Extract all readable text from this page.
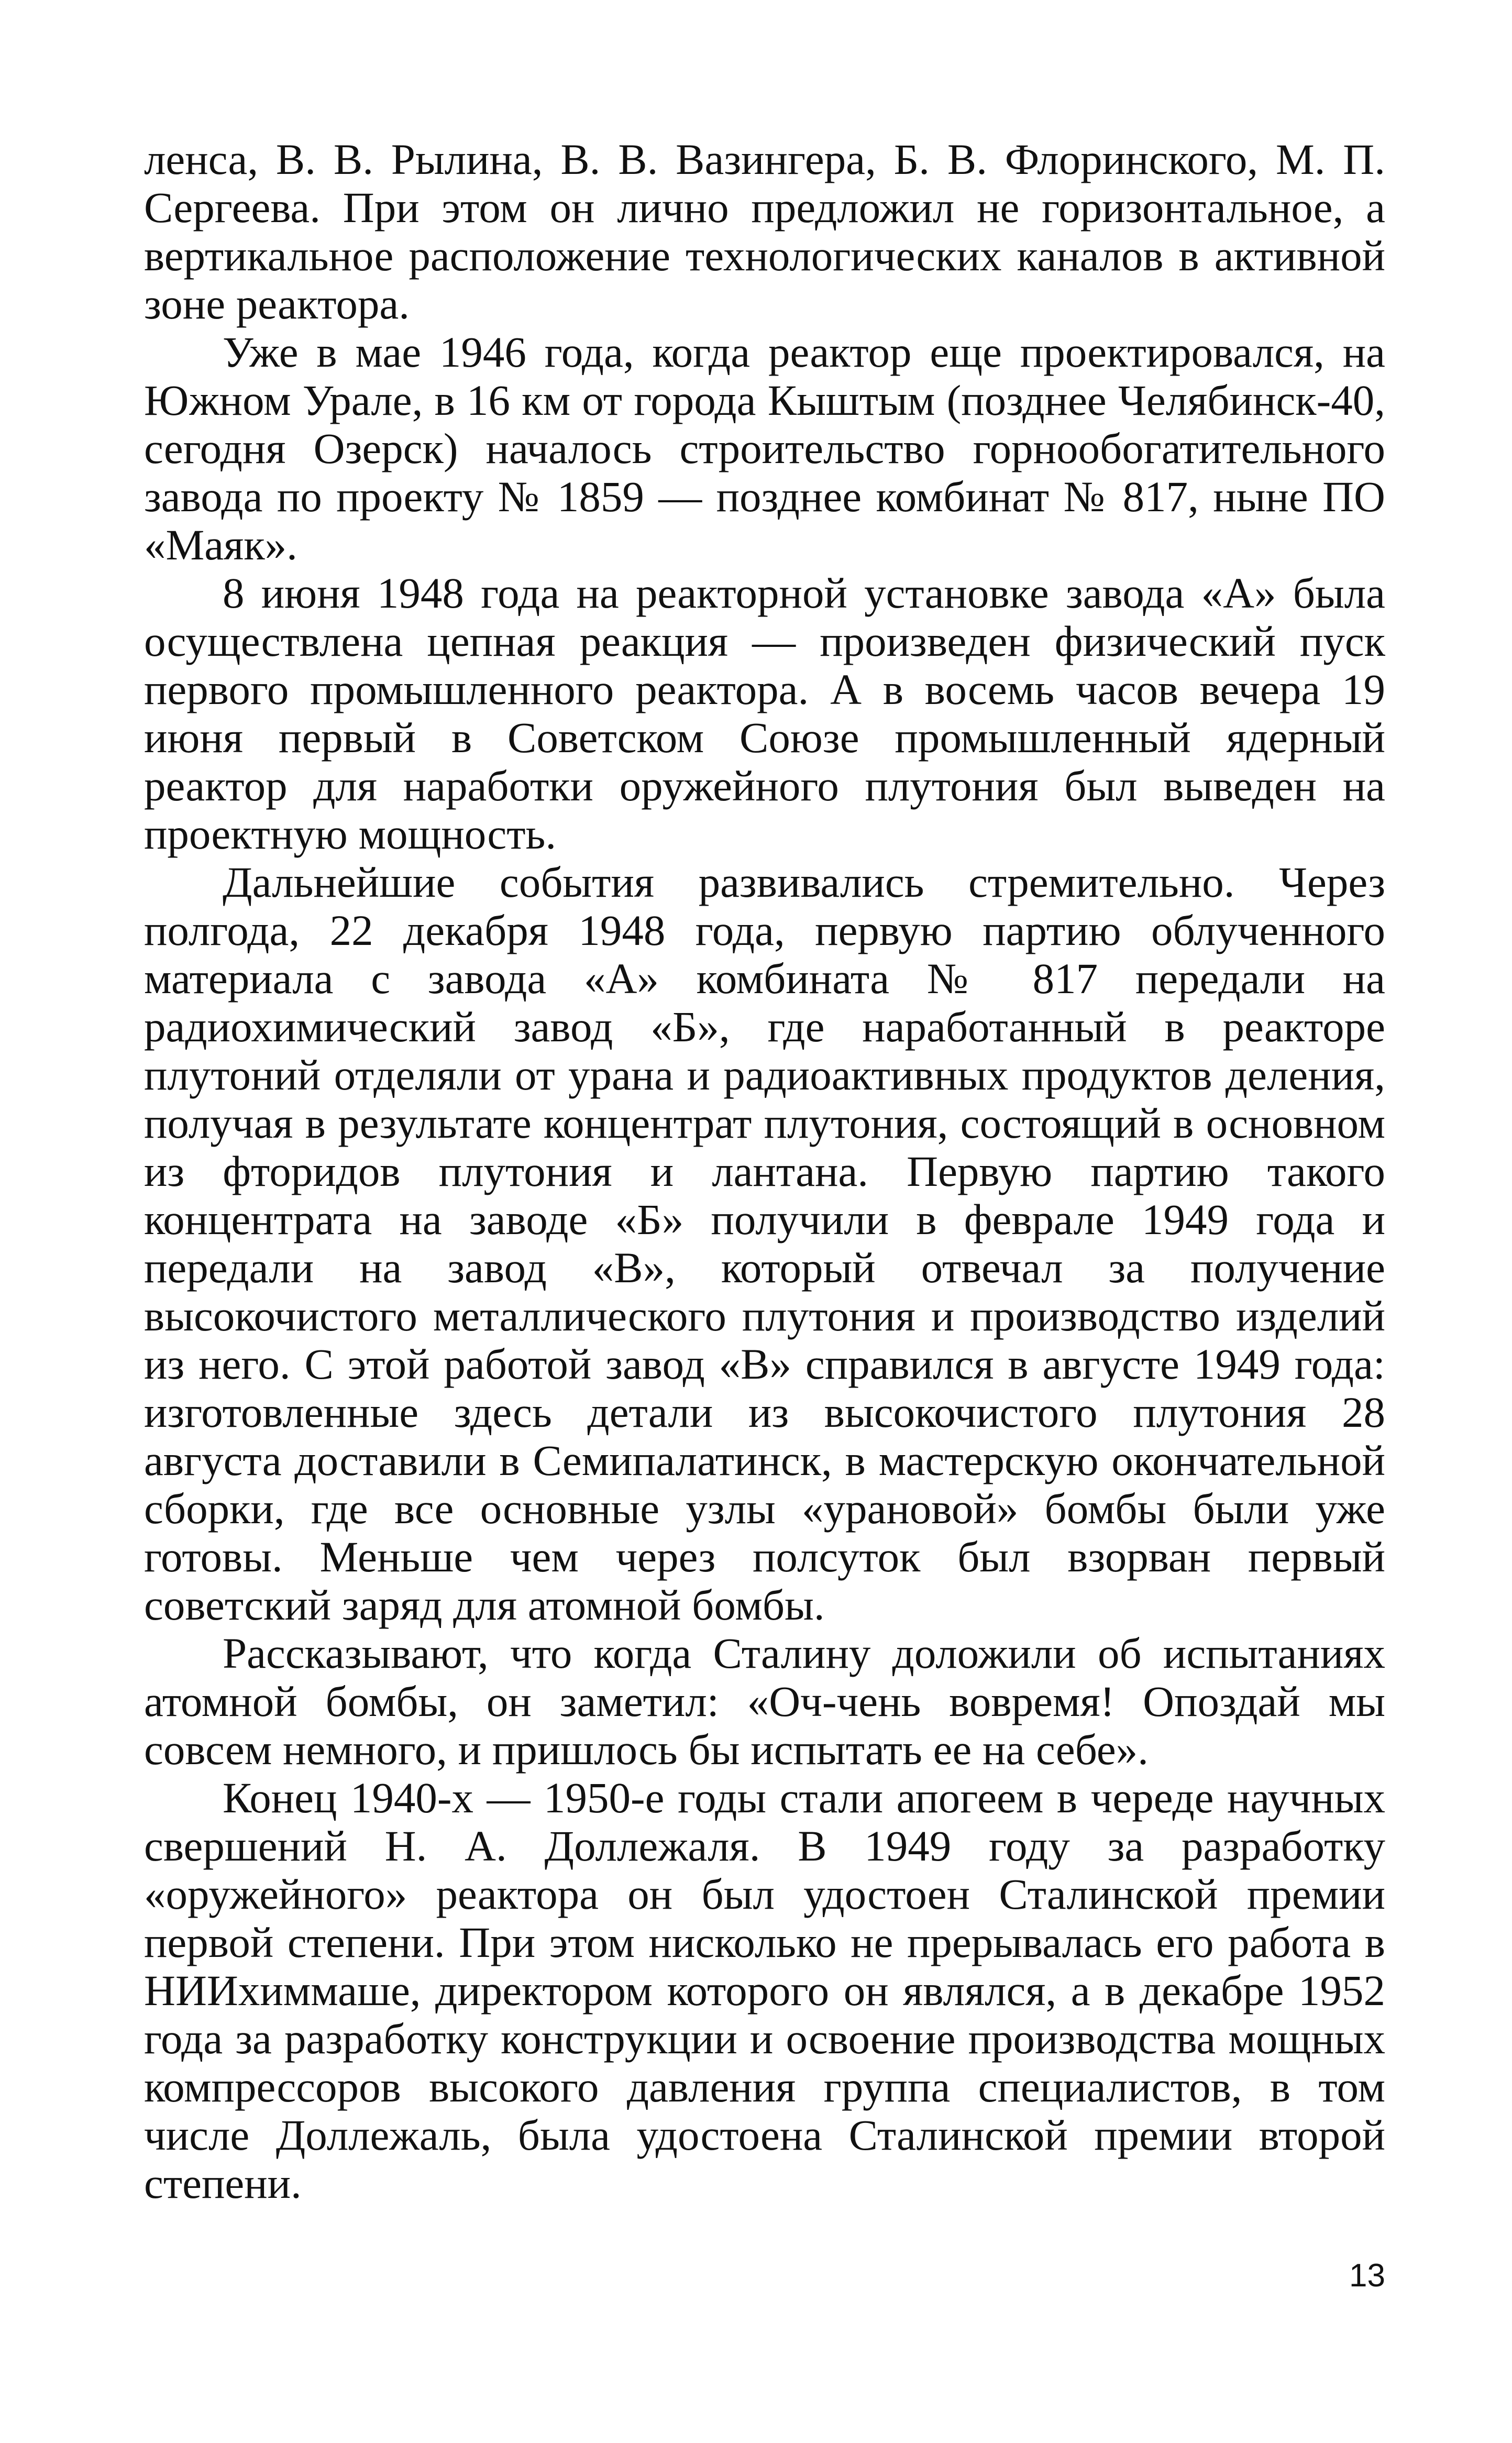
ленса, В. В. Рылина, В. В. Вазингера, Б. В. Флоринского, М. П. Сергеева. При этом он лично предложил не горизонтальное, а вертикальное расположение технологических каналов в активной зоне реактора.

Уже в мае 1946 года, когда реактор еще проектировался, на Южном Урале, в 16 км от города Кыштым (позднее Челябинск-40, сегодня Озерск) началось строительство горнообогатительного завода по проекту № 1859 — позднее комбинат № 817, ныне ПО «Маяк».

8 июня 1948 года на реакторной установке завода «А» была осуществлена цепная реакция — произведен физический пуск первого промышленного реактора. А в восемь часов вечера 19 июня первый в Советском Союзе промышленный ядерный реактор для наработки оружейного плутония был выведен на проектную мощность.

Дальнейшие события развивались стремительно. Через полгода, 22 декабря 1948 года, первую партию облученного материала с завода «А» комбината № 817 передали на радиохимический завод «Б», где наработанный в реакторе плутоний отделяли от урана и радиоактивных продуктов деления, получая в результате концентрат плутония, состоящий в основном из фторидов плутония и лантана. Первую партию такого концентрата на заводе «Б» получили в феврале 1949 года и передали на завод «В», который отвечал за получение высокочистого металлического плутония и производство изделий из него. С этой работой завод «В» справился в августе 1949 года: изготовленные здесь детали из высокочистого плутония 28 августа доставили в Семипалатинск, в мастерскую окончательной сборки, где все основные узлы «урановой» бомбы были уже готовы. Меньше чем через полсуток был взорван первый советский заряд для атомной бомбы.

Рассказывают, что когда Сталину доложили об испытаниях атомной бомбы, он заметил: «Оч-чень вовремя! Опоздай мы совсем немного, и пришлось бы испытать ее на себе».

Конец 1940-х — 1950-е годы стали апогеем в череде научных свершений Н. А. Доллежаля. В 1949 году за разработку «оружейного» реактора он был удостоен Сталинской премии первой степени. При этом нисколько не прерывалась его работа в НИИхиммаше, директором которого он являлся, а в декабре 1952 года за разработку конструкции и освоение производства мощных компрессоров высокого давления группа специалистов, в том числе Доллежаль, была удостоена Сталинской премии второй степени.

13
